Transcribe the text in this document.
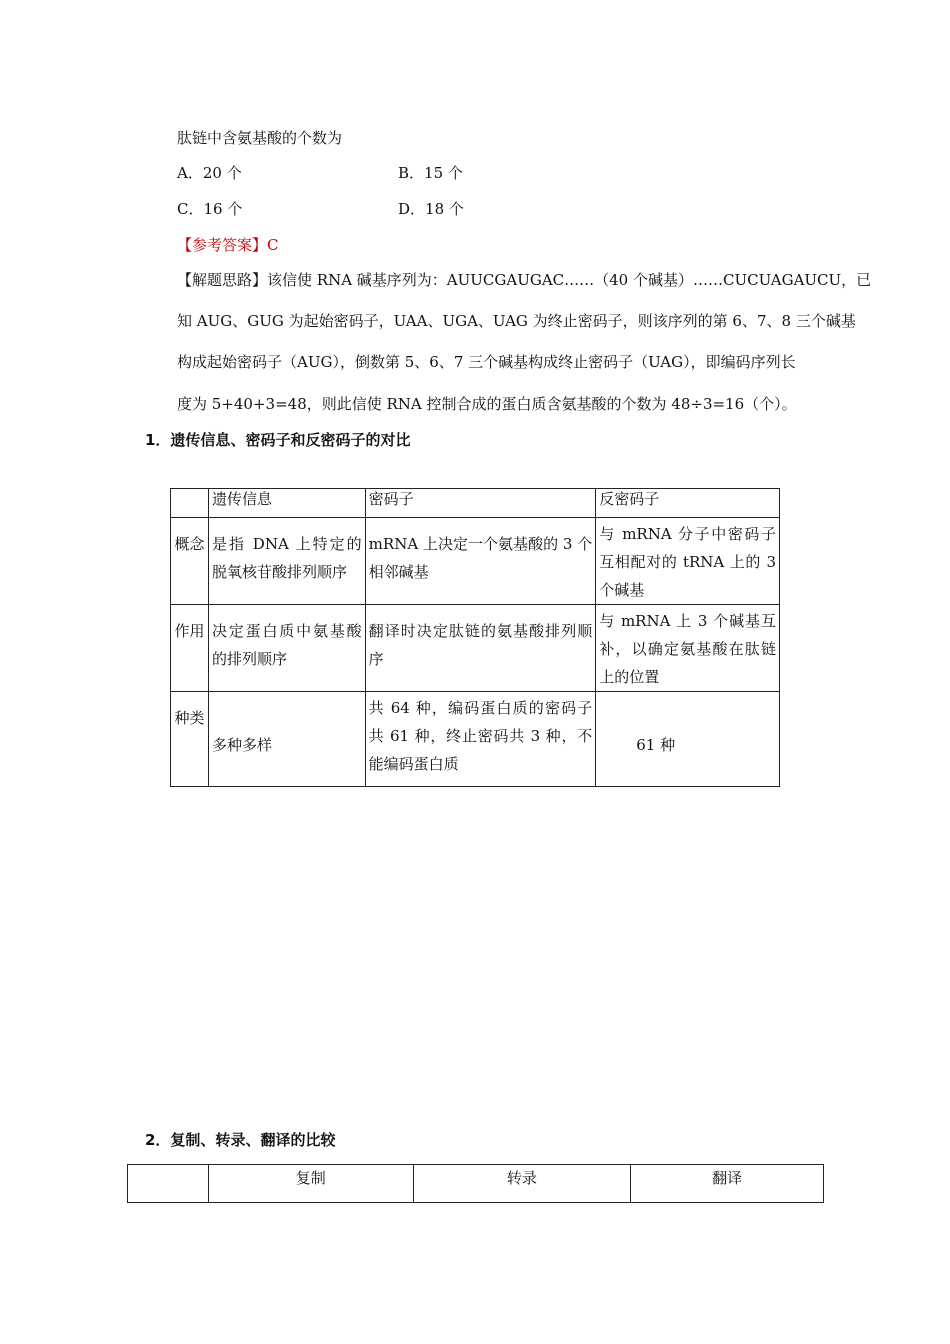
肽链中含氨基酸的个数为
A．20 个	B．15 个
C．16 个	D．18 个
【参考答案】C
【解题思路】该信使 RNA 碱基序列为：AUUCGAUGAC……（40 个碱基）……CUCUAGAUCU，已
知 AUG、GUG 为起始密码子，UAA、UGA、UAG 为终止密码子，则该序列的第 6、7、8 三个碱基
构成起始密码子（AUG），倒数第 5、6、7 三个碱基构成终止密码子（UAG），即编码序列长
度为 5+40+3=48，则此信使 RNA 控制合成的蛋白质含氨基酸的个数为 48÷3=16（个）。
1．遗传信息、密码子和反密码子的对比
	遗传信息	密码子	反密码子
概念	是指 DNA 上特定的脱氧核苷酸排列顺序	mRNA 上决定一个氨基酸的 3 个相邻碱基	与 mRNA 分子中密码子互相配对的 tRNA 上的 3 个碱基
作用	决定蛋白质中氨基酸的排列顺序	翻译时决定肽链的氨基酸排列顺序	与 mRNA 上 3 个碱基互补，以确定氨基酸在肽链上的位置
种类	多种多样	共 64 种，编码蛋白质的密码子共 61 种，终止密码共 3 种，不能编码蛋白质	61 种
2．复制、转录、翻译的比较
	复制	转录	翻译
